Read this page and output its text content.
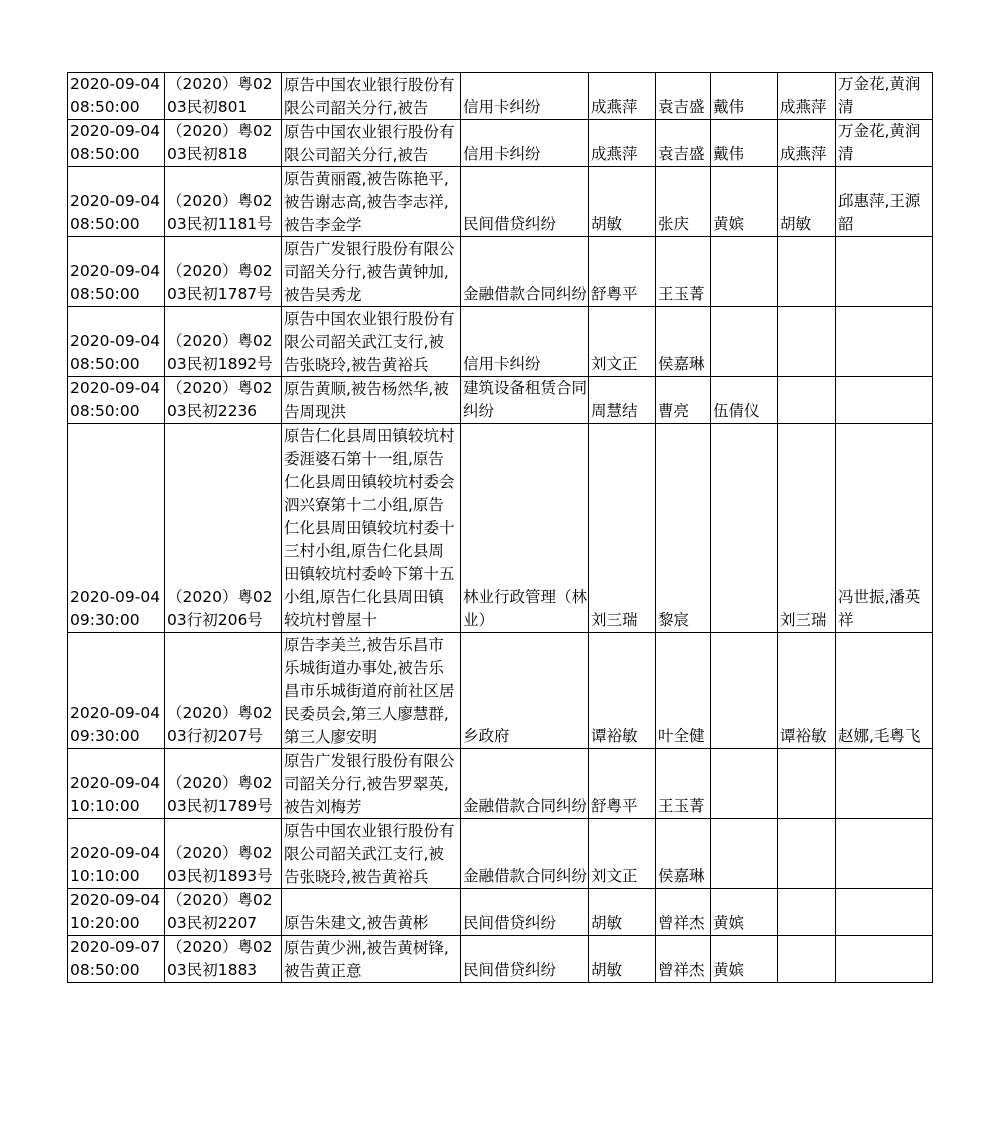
2020-09-04 08:50:00	（2020）粤0203民初801	原告中国农业银行股份有限公司韶关分行,被告	信用卡纠纷	成燕萍	袁吉盛	戴伟	成燕萍	万金花,黄润清
2020-09-04 08:50:00	（2020）粤0203民初818	原告中国农业银行股份有限公司韶关分行,被告	信用卡纠纷	成燕萍	袁吉盛	戴伟	成燕萍	万金花,黄润清
2020-09-04 08:50:00	（2020）粤0203民初1181号	原告黄丽霞,被告陈艳平,被告谢志高,被告李志祥,被告李金学	民间借贷纠纷	胡敏	张庆	黄嫔	胡敏	邱惠萍,王源韶
2020-09-04 08:50:00	（2020）粤0203民初1787号	原告广发银行股份有限公司韶关分行,被告黄钟加,被告吴秀龙	金融借款合同纠纷	舒粤平	王玉菁			
2020-09-04 08:50:00	（2020）粤0203民初1892号	原告中国农业银行股份有限公司韶关武江支行,被告张晓玲,被告黄裕兵	信用卡纠纷	刘文正	侯嘉琳			
2020-09-04 08:50:00	（2020）粤0203民初2236	原告黄顺,被告杨然华,被告周现洪	建筑设备租赁合同纠纷	周慧结	曹亮	伍倩仪		
2020-09-04 09:30:00	（2020）粤0203行初206号	原告仁化县周田镇较坑村委涯婆石第十一组,原告仁化县周田镇较坑村委会泗兴寮第十二小组,原告仁化县周田镇较坑村委十三村小组,原告仁化县周田镇较坑村委岭下第十五小组,原告仁化县周田镇较坑村曾屋十	林业行政管理（林业）	刘三瑞	黎宸		刘三瑞	冯世振,潘英祥
2020-09-04 09:30:00	（2020）粤0203行初207号	原告李美兰,被告乐昌市乐城街道办事处,被告乐昌市乐城街道府前社区居民委员会,第三人廖慧群,第三人廖安明	乡政府	谭裕敏	叶全健		谭裕敏	赵娜,毛粤飞
2020-09-04 10:10:00	（2020）粤0203民初1789号	原告广发银行股份有限公司韶关分行,被告罗翠英,被告刘梅芳	金融借款合同纠纷	舒粤平	王玉菁			
2020-09-04 10:10:00	（2020）粤0203民初1893号	原告中国农业银行股份有限公司韶关武江支行,被告张晓玲,被告黄裕兵	金融借款合同纠纷	刘文正	侯嘉琳			
2020-09-04 10:20:00	（2020）粤0203民初2207	原告朱建文,被告黄彬	民间借贷纠纷	胡敏	曾祥杰	黄嫔		
2020-09-07 08:50:00	（2020）粤0203民初1883	原告黄少洲,被告黄树锋,被告黄正意	民间借贷纠纷	胡敏	曾祥杰	黄嫔		
